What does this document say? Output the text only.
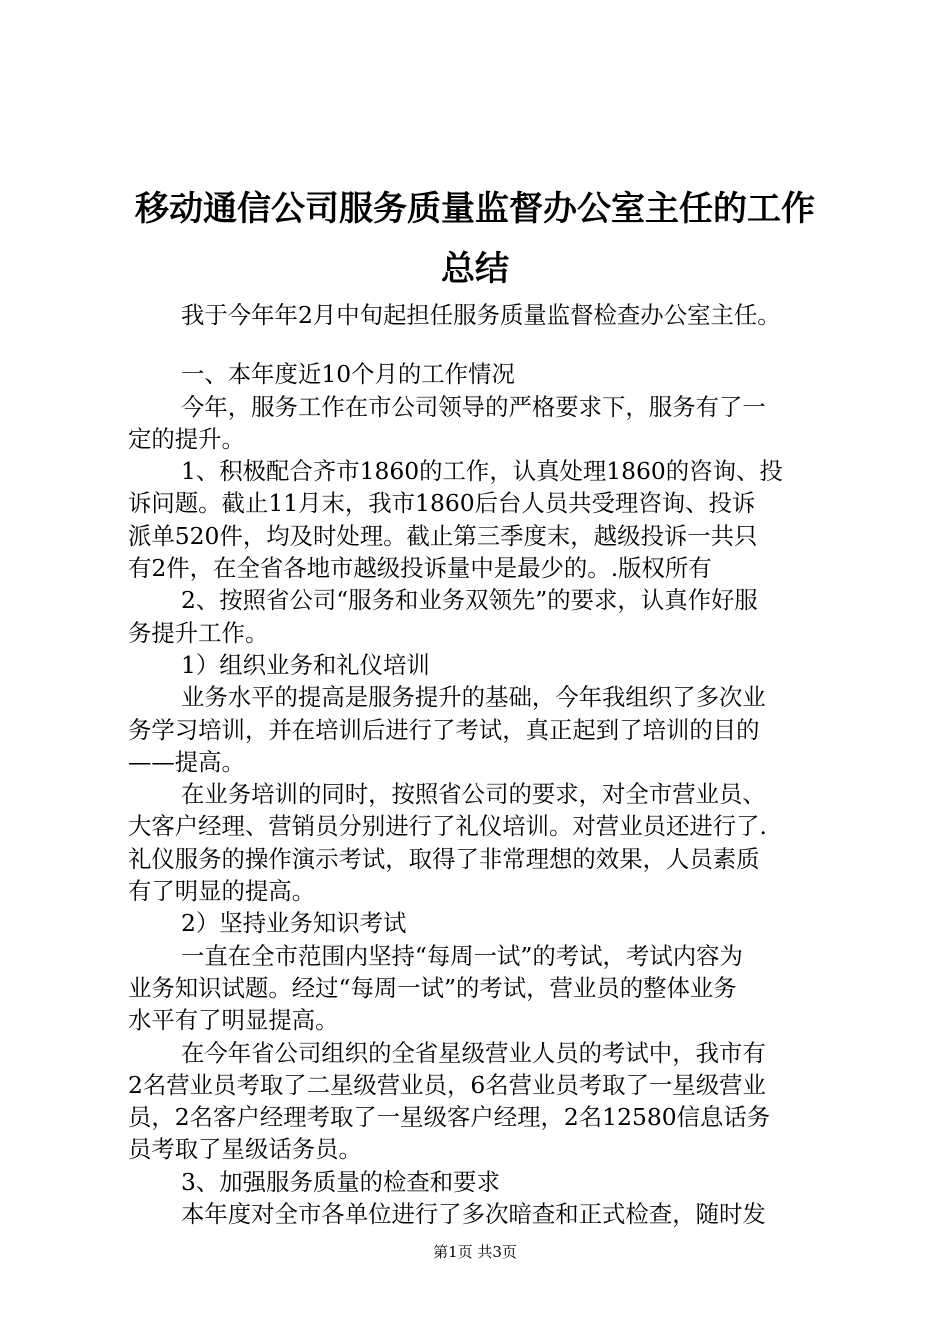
移动通信公司服务质量监督办公室主任的工作
总结
我于今年年2月中旬起担任服务质量监督检查办公室主任。
一、本年度近10个月的工作情况
今年，服务工作在市公司领导的严格要求下，服务有了一
定的提升。
1、积极配合齐市1860的工作，认真处理1860的咨询、投
诉问题。截止11月末，我市1860后台人员共受理咨询、投诉
派单520件，均及时处理。截止第三季度末，越级投诉一共只
有2件，在全省各地市越级投诉量中是最少的。.版权所有
2、按照省公司“服务和业务双领先”的要求，认真作好服
务提升工作。
1）组织业务和礼仪培训
业务水平的提高是服务提升的基础，今年我组织了多次业
务学习培训，并在培训后进行了考试，真正起到了培训的目的
——提高。
在业务培训的同时，按照省公司的要求，对全市营业员、
大客户经理、营销员分别进行了礼仪培训。对营业员还进行了.
礼仪服务的操作演示考试，取得了非常理想的效果，人员素质
有了明显的提高。
2）坚持业务知识考试
一直在全市范围内坚持“每周一试”的考试，考试内容为
业务知识试题。经过“每周一试”的考试，营业员的整体业务
水平有了明显提高。
在今年省公司组织的全省星级营业人员的考试中，我市有
2名营业员考取了二星级营业员，6名营业员考取了一星级营业
员，2名客户经理考取了一星级客户经理，2名12580信息话务
员考取了星级话务员。
3、加强服务质量的检查和要求
本年度对全市各单位进行了多次暗查和正式检查，随时发
第1页 共3页
